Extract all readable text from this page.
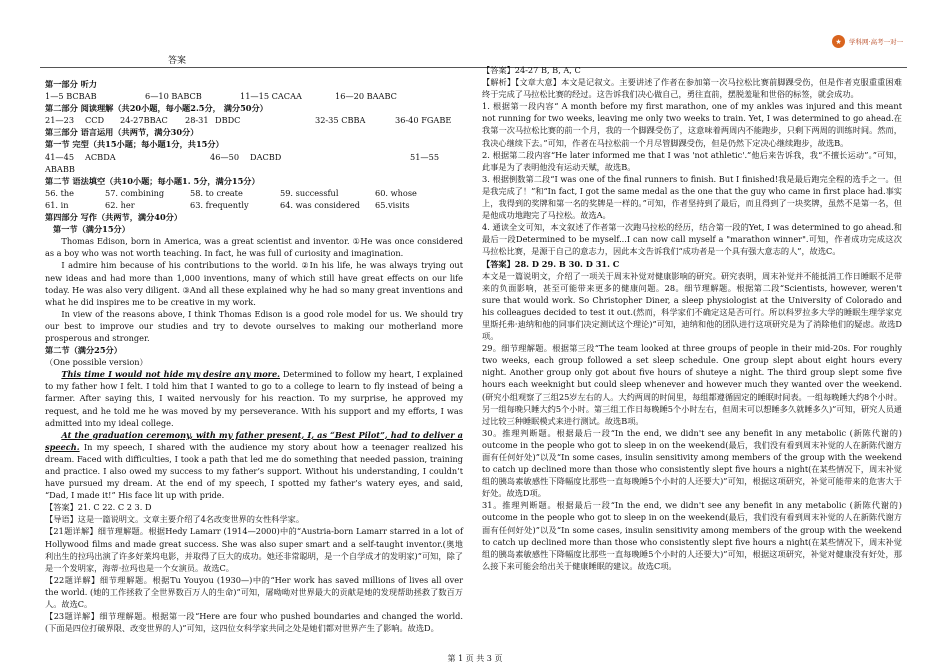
答案
★	学科网·高考一对一
第一部分 听力
1—5 BCBAB	6—10 BABCB	11—15 CACAA	16—20 BAABC
第二部分 阅读理解（共20小题，每小题2.5分， 满分50分）
21—23	CCD	24-27BBAC	28-31 DBDC	32-35 CBBA	36-40 FGABE
第三部分 语言运用（共两节，满分30分）
第一节 完型（共15小题；每小题1分，共15分）
41—45	ACBDA	46—50	DACBD	51—55
ABABB
第二节 语法填空（共10小题；每小题1. 5分，满分15分）
56. the	57. combining	58. to create	59. successful	60. whose
61. in	62. her	63. frequently	64. was considered	65.visits
第四部分 写作（共两节，满分40分）
第一节（满分15分）

Thomas Edison, born in America, was a great scientist and inventor. ①He was once considered as a boy who was not worth teaching. In fact, he was full of curiosity and imagination.

I admire him because of his contributions to the world. ②In his life, he was always trying out new ideas and had more than 1,000 inventions, many of which still have great effects on our life today. He was also very diligent. ③And all these explained why he had so many great inventions and what he did inspires me to be creative in my work.

In view of the reasons above, I think Thomas Edison is a good role model for us. We should try our best to improve our studies and try to devote ourselves to making our motherland more prosperous and stronger.

第二节（满分25分）
（One possible version）

This time I would not hide my desire any more. Determined to follow my heart, I explained to my father how I felt. I told him that I wanted to go to a college to learn to fly instead of being a farmer. After saying this, I waited nervously for his reaction. To my surprise, he approved my request, and he told me he was moved by my perseverance. With his support and my efforts, I was admitted into my ideal college.

At the graduation ceremony, with my father present, I, as “Best Pilot”, had to deliver a speech. In my speech, I shared with the audience my story about how a teenager realized his dream. Faced with difficulties, I took a path that led me do something that needed passion, training and practice. I also owed my success to my father’s support. Without his understanding, I couldn’t have pursued my dream. At the end of my speech, I spotted my father’s watery eyes, and said, “Dad, I made it!” His face lit up with pride.

【答案】21. C 22. C 2 3. D
【导语】这是一篇说明文。文章主要介绍了4名改变世界的女性科学家。

【21题详解】细节理解题。根据Hedy Lamarr (1914—2000)中的“Austria-born Lamarr starred in a lot of Hollywood films and made great success. She was also super smart and a self-taught inventor.(奥地利出生的拉玛出演了许多好莱坞电影，并取得了巨大的成功。她还非常聪明，是一个自学成才的发明家)”可知，除了是一个发明家，海蒂·拉玛也是一个女演员。故选C。

【22题详解】细节理解题。根据Tu Youyou (1930—)中的“Her work has saved millions of lives all over the world. (她的工作拯救了全世界数百万人的生命)”可知，屠呦呦对世界最大的贡献是她的发现帮助拯救了数百万人。故选C。

【23题详解】细节理解题。根据第一段“Here are four who pushed boundaries and changed the world. (下面是四位打破界限、改变世界的人)”可知，这四位女科学家共同之处是她们都对世界产生了影响。故选D。

【答案】24-27 B, B, A, C

【解析】【文章大意】本文是记叙文。主要讲述了作者在参加第一次马拉松比赛前脚踝受伤，但是作者克服重重困难终于完成了马拉松比赛的经过。这告诉我们决心做自己，勇往直前，摆脱羞耻和世俗的标签，就会成功。

1. 根据第一段内容“ A month before my first marathon, one of my ankles was injured and this meant not running for two weeks, leaving me only two weeks to train. Yet, I was determined to go ahead.在我第一次马拉松比赛的前一个月，我的一个脚踝受伤了，这意味着两周内不能跑步，只剩下两周的训练时间。然而，我决心继续下去。”可知，作者在马拉松前一个月尽管脚踝受伤，但是仍然下定决心继续跑步，故选B。

2. 根据第二段内容“He later informed me that I was 'not athletic'.”他后来告诉我，我“不擅长运动”。”可知，此事是为了表明他没有运动天赋，故选B。

3. 根据倒数第二段“I was one of the final runners to finish. But I finished!我是最后跑完全程的选手之一。但是我完成了！”和“In fact, I got the same medal as the one that the guy who came in first place had.事实上，我得到的奖牌和第一名的奖牌是一样的。”可知，作者坚持到了最后，而且得到了一块奖牌，虽然不是第一名，但是他成功地跑完了马拉松。故选A。

4. 通读全文可知，本文叙述了作者第一次跑马拉松的经历，结合第一段的Yet, I was determined to go ahead.和最后一段Determined to be myself...I can now call myself a "marathon winner".可知，作者成功完成这次马拉松比赛，是源于自己的意志力，因此本文告诉我们“成功者是一个具有强大意志的人”，故选C。

【答案】28. D 29. B 30. D 31. C

本文是一篇说明文，介绍了一项关于周末补觉对健康影响的研究。研究表明，周末补觉并不能抵消工作日睡眠不足带来的负面影响，甚至可能带来更多的健康问题。28。细节理解题。根据第二段“Scientists, however, weren't sure that would work. So Christopher Diner, a sleep physiologist at the University of Colorado and his colleagues decided to test it out.(然而，科学家们不确定这是否可行。所以科罗拉多大学的睡眠生理学家克里斯托弗·迪纳和他的同事们决定测试这个理论)”可知，迪纳和他的团队进行这项研究是为了消除他们的疑虑。故选D项。

29。细节理解题。根据第三段“The team looked at three groups of people in their mid-20s. For roughly two weeks, each group followed a set sleep schedule. One group slept about eight hours every night. Another group only got about five hours of shuteye a night. The third group slept some five hours each weeknight but could sleep whenever and however much they wanted over the weekend.(研究小组观察了三组25岁左右的人。大约两周的时间里，每组都遵循固定的睡眠时间表。一组每晚睡大约8个小时。另一组每晚只睡大约5个小时。第三组工作日每晚睡5个小时左右，但周末可以想睡多久就睡多久)”可知，研究人员通过比较三种睡眠模式来进行测试。故选B项。

30。推理判断题。根据最后一段“In the end, we didn't see any benefit in any metabolic (新陈代谢的) outcome in the people who got to sleep in on the weekend(最后，我们没有看到周末补觉的人在新陈代谢方面有任何好处)”以及“In some cases, insulin sensitivity among members of the group with the weekend to catch up declined more than those who consistently slept five hours a night(在某些情况下，周末补觉组的胰岛素敏感性下降幅度比那些一直每晚睡5个小时的人还要大)”可知，根据这项研究，补觉可能带来的危害大于好处。故选D项。

31。推理判断题。根据最后一段“In the end, we didn't see any benefit in any metabolic (新陈代谢的) outcome in the people who got to sleep in on the weekend(最后，我们没有看到周末补觉的人在新陈代谢方面有任何好处)”以及“In some cases, insulin sensitivity among members of the group with the weekend to catch up declined more than those who consistently slept five hours a night(在某些情况下，周末补觉组的胰岛素敏感性下降幅度比那些一直每晚睡5个小时的人还要大)”可知，根据这项研究，补觉对健康没有好处，那么接下来可能会给出关于健康睡眠的建议。故选C项。

第 1 页 共 3 页
